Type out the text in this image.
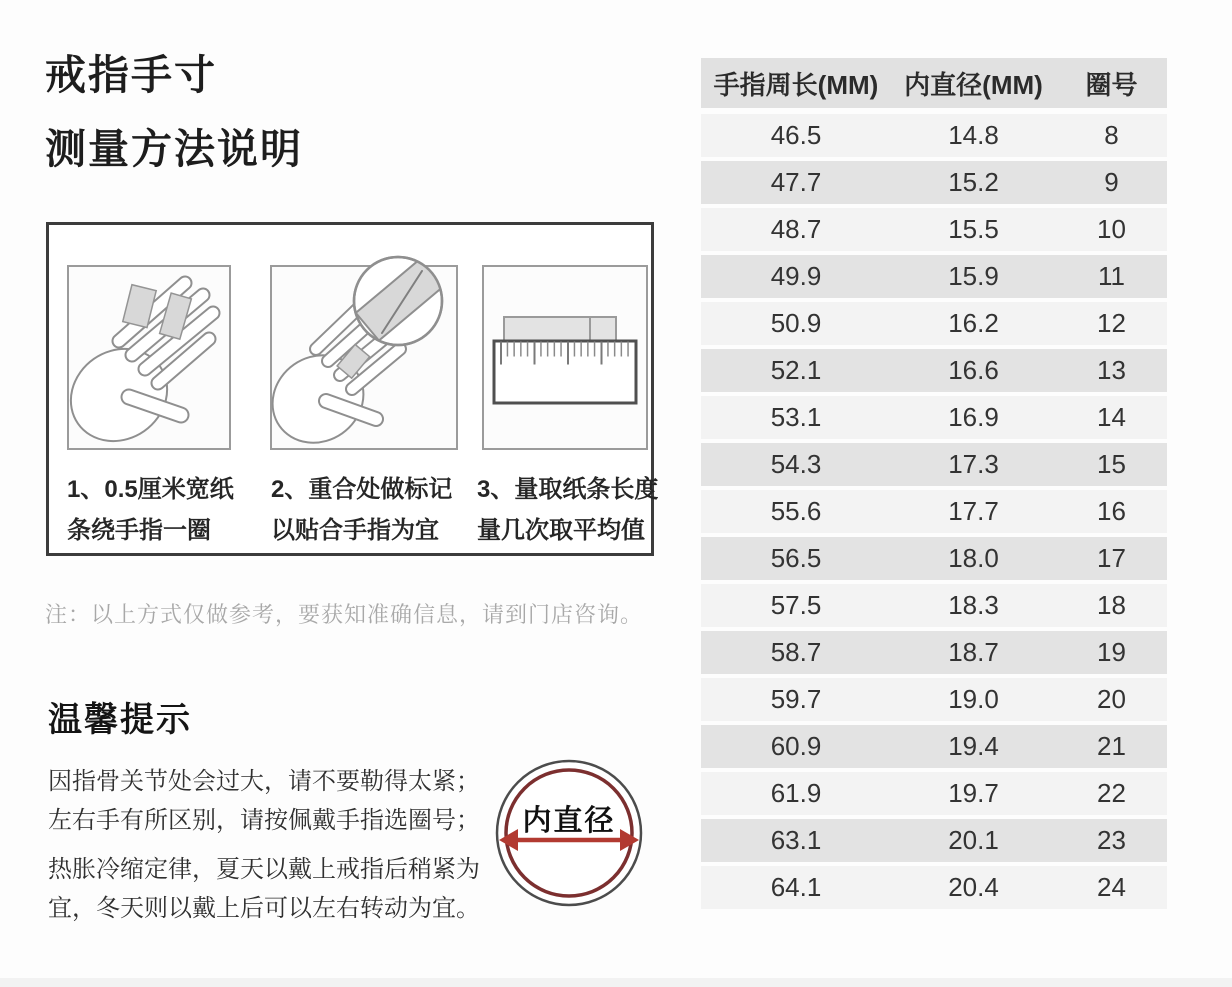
戒指手寸
测量方法说明
1、0.5厘米宽纸
条绕手指一圈
2、重合处做标记
以贴合手指为宜
3、量取纸条长度
量几次取平均值
注：以上方式仅做参考，要获知准确信息，请到门店咨询。
温馨提示
因指骨关节处会过大，请不要勒得太紧；
左右手有所区别，请按佩戴手指选圈号；
热胀冷缩定律，夏天以戴上戒指后稍紧为
宜，冬天则以戴上后可以左右转动为宜。
内直径
手指周长(MM) 内直径(MM)	圈号
46.5	14.8	8
47.7	15.2	9
48.7	15.5	10
49.9	15.9	11
50.9	16.2	12
52.1	16.6	13
53.1	16.9	14
54.3	17.3	15
55.6	17.7	16
56.5	18.0	17
57.5	18.3	18
58.7	18.7	19
59.7	19.0	20
60.9	19.4	21
61.9	19.7	22
63.1	20.1	23
64.1	20.4	24
